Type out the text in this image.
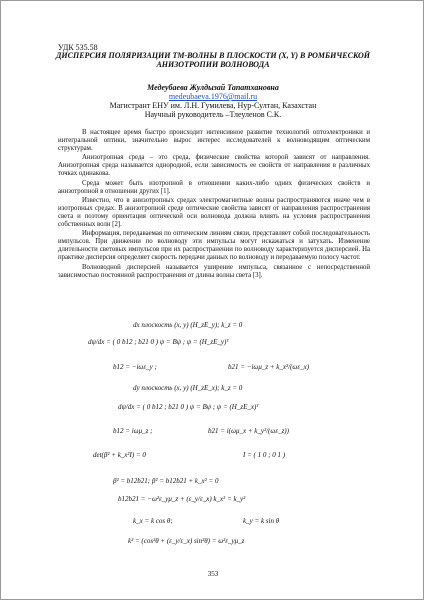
УДК 535.58
ДИСПЕРСИЯ ПОЛЯРИЗАЦИИ ТМ-ВОЛНЫ В ПЛОСКОСТИ (X, Y) В РОМБИЧЕСКОЙ АНИЗОТРОПИИ ВОЛНОВОДА
Медеубаева Жулдызай Тапатхановна
medeubaeva.1976@mail.ru
Магистрант ЕНУ им. Л.Н. Гумилева, Нур-Султан, Казахстан
Научный руководитель –Тлеуленов С.К.

В настоящее время быстро происходит интенсивное развитие технологий оптоэлектроники и интегральной оптики, значительно вырос интерес исследователей к волноводящим оптическим структурам.

Анизотропная среда – это среда, физические свойства которой зависят от направления. Анизотропная среда называется однородной, если зависимость ее свойств от направления в различных точках одинакова.

Среда может быть изотропной в отношении каких-либо одних физических свойств и анизотропной в отношении других [1].

Известно, что в анизотропных средах электромагнитные волны распространяются иначе чем в изотропных средах. В анизотропной среде оптические свойства зависят от направления распространения света и поэтому ориентация оптической оси волновода должна влиять на условия распространения собственных волн [2].

Информация, передаваемая по оптическим линиям связи, представляет собой последовательность импульсов. При движении по волноводу эти импульсы могут искажаться и затухать. Изменение длительности световых импульсов при их распространении по волноводу характеризуется дисперсией. На практике дисперсия определяет скорость передачи данных по волноводу и передаваемую полосу частот.

Волноводной дисперсией называется уширение импульса, связанное с непосредственной зависимостью постоянной распространения от длины волны света [3].

dx плоскость (x, y) (H_zE_y); k_z = 0
dψ/dx = ( 0 b12 ; b21 0 ) ψ = Bψ ; ψ = (H_zE_y)ᵀ
b12 = −iωε_y ;	b21 = −iωμ_z + k_x²/(ωε_x)
dy плоскость (x, y) (H_zE_x); k_z = 0
dψ/dx = ( 0 b12 ; b21 0 ) ψ = Bψ ; ψ = (H_zE_x)ᵀ
b12 = iωμ_z ;	b21 = i(ωμ_x + k_y²/(ωε_z))
det(β² + k_x²I) = 0	I = ( 1 0 ; 0 1 )
β² = b12b21; β² = b12b21 + k_x² = 0
b12b21 = −ω²ε_yμ_z + (ε_y/ε_x) k_x² = k_y²
k_x = k cos θ;	k_y = k sin θ
k² = (cos²θ + (ε_y/ε_x) sin²θ) = ω²ε_yμ_z
353
